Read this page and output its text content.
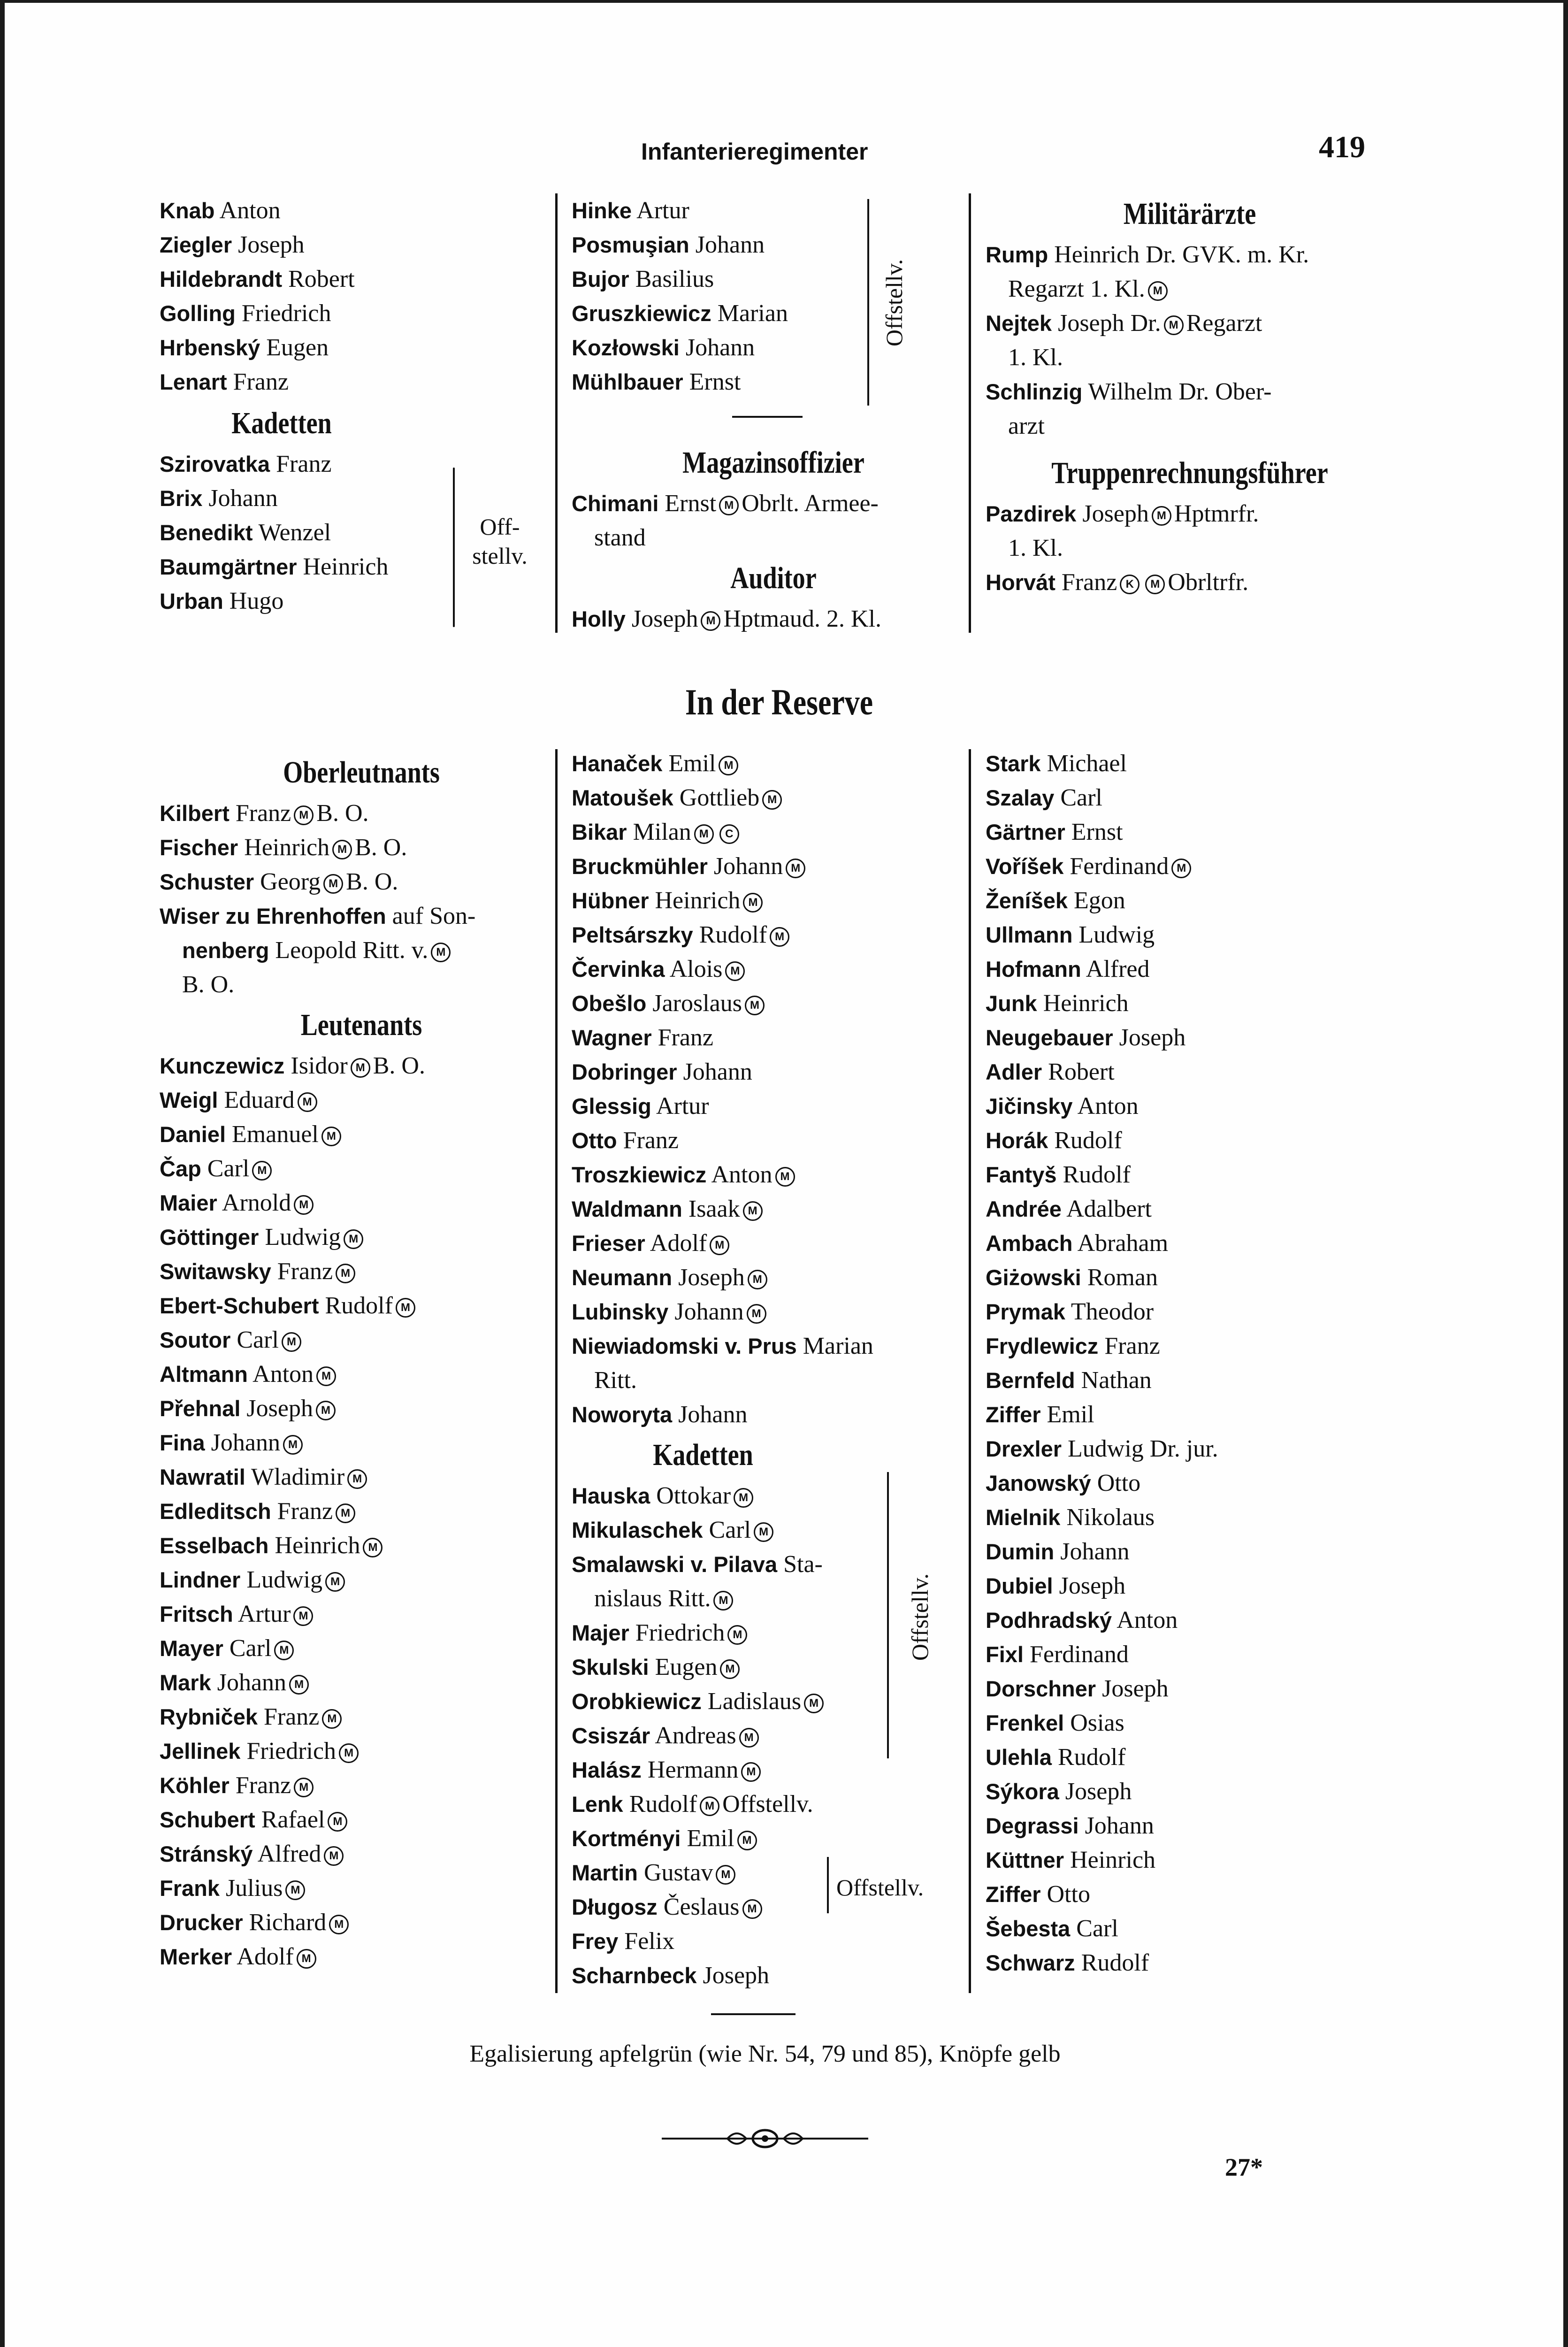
Infanterieregimenter	419
Knab Anton
Ziegler Joseph
Hildebrandt Robert
Golling Friedrich
Hrbenský Eugen
Lenart Franz
Kadetten
Szirovatka Franz
Brix Johann
Benedikt Wenzel
Baumgärtner Heinrich
Urban Hugo
Off-stellv.
Hinke Artur
Posmuşian Johann
Bujor Basilius
Gruszkiewicz Marian
Kozłowski Johann
Mühlbauer Ernst
Offstellv.
Magazinsoffizier
Chimani Ernst M Obrlt. Armee-
stand
Auditor
Holly Joseph M Hptmaud. 2. Kl.
Militärärzte
Rump Heinrich Dr. GVK. m. Kr.
Regarzt 1. Kl. M
Nejtek Joseph Dr. M Regarzt
1. Kl.
Schlinzig Wilhelm Dr. Ober-
arzt
Truppenrechnungsführer
Pazdirek Joseph M Hptmrfr.
1. Kl.
Horvát Franz K M Obrltrfr.
In der Reserve
Oberleutnants
Kilbert Franz M B. O.
Fischer Heinrich M B. O.
Schuster Georg M B. O.
Wiser zu Ehrenhoffen auf Son-
nenberg Leopold Ritt. v. M
B. O.
Leutenants
Kunczewicz Isidor M B. O.
Weigl Eduard M
Daniel Emanuel M
Čap Carl M
Maier Arnold M
Göttinger Ludwig M
Switawsky Franz M
Ebert-Schubert Rudolf M
Soutor Carl M
Altmann Anton M
Přehnal Joseph M
Fina Johann M
Nawratil Wladimir M
Edleditsch Franz M
Esselbach Heinrich M
Lindner Ludwig M
Fritsch Artur M
Mayer Carl M
Mark Johann M
Rybniček Franz M
Jellinek Friedrich M
Köhler Franz M
Schubert Rafael M
Stránský Alfred M
Frank Julius M
Drucker Richard M
Merker Adolf M
Hanaček Emil M
Matoušek Gottlieb M
Bikar Milan M C
Bruckmühler Johann M
Hübner Heinrich M
Peltsárszky Rudolf M
Červinka Alois M
Obešlo Jaroslaus M
Wagner Franz
Dobringer Johann
Glessig Artur
Otto Franz
Troszkiewicz Anton M
Waldmann Isaak M
Frieser Adolf M
Neumann Joseph M
Lubinsky Johann M
Niewiadomski v. Prus Marian
Ritt.
Noworyta Johann
Kadetten
Hauska Ottokar M
Mikulaschek Carl M
Smalawski v. Pilava Sta-
nislaus Ritt. M
Majer Friedrich M
Skulski Eugen M
Orobkiewicz Ladislaus M
Csiszár Andreas M
Halász Hermann M
Lenk Rudolf M Offstellv.
Kortményi Emil M
Martin Gustav M
Długosz Česlaus M
Frey Felix
Scharnbeck Joseph
Offstellv.
Offstellv.
Stark Michael
Szalay Carl
Gärtner Ernst
Voříšek Ferdinand M
Ženíšek Egon
Ullmann Ludwig
Hofmann Alfred
Junk Heinrich
Neugebauer Joseph
Adler Robert
Jičinsky Anton
Horák Rudolf
Fantyš Rudolf
Andrée Adalbert
Ambach Abraham
Giżowski Roman
Prymak Theodor
Frydlewicz Franz
Bernfeld Nathan
Ziffer Emil
Drexler Ludwig Dr. jur.
Janowský Otto
Mielnik Nikolaus
Dumin Johann
Dubiel Joseph
Podhradský Anton
Fixl Ferdinand
Dorschner Joseph
Frenkel Osias
Ulehla Rudolf
Sýkora Joseph
Degrassi Johann
Küttner Heinrich
Ziffer Otto
Šebesta Carl
Schwarz Rudolf
Egalisierung apfelgrün (wie Nr. 54, 79 und 85), Knöpfe gelb
27*
